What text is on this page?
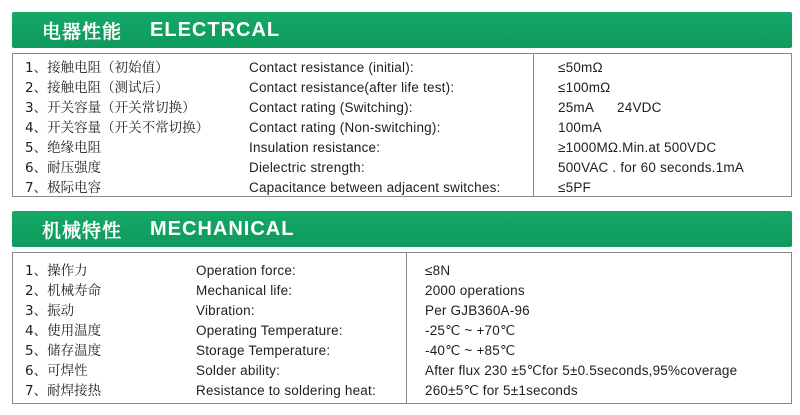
电器性能 ELECTRCAL
1、接触电阻（初始值）	Contact resistance (initial):	≤50mΩ
2、接触电阻（测试后）	Contact resistance(after life test):	≤100mΩ
3、开关容量（开关常切换）	Contact rating (Switching):	25mA      24VDC
4、开关容量（开关不常切换）	Contact rating (Non-switching):	100mA
5、绝缘电阻	Insulation resistance:	≥1000MΩ.Min.at 500VDC
6、耐压强度	Dielectric strength:	500VAC . for 60 seconds.1mA
7、极际电容	Capacitance between adjacent switches:	≤5PF
机械特性 MECHANICAL
1、操作力	Operation force:	≤8N
2、机械寿命	Mechanical life:	2000 operations
3、振动	Vibration:	Per GJB360A-96
4、使用温度	Operating Temperature:	-25℃ ~ +70℃
5、储存温度	Storage Temperature:	-40℃ ~ +85℃
6、可焊性	Solder ability:	After flux 230 ±5℃for 5±0.5seconds,95%coverage
7、耐焊接热	Resistance to soldering heat:	260±5℃ for 5±1seconds
